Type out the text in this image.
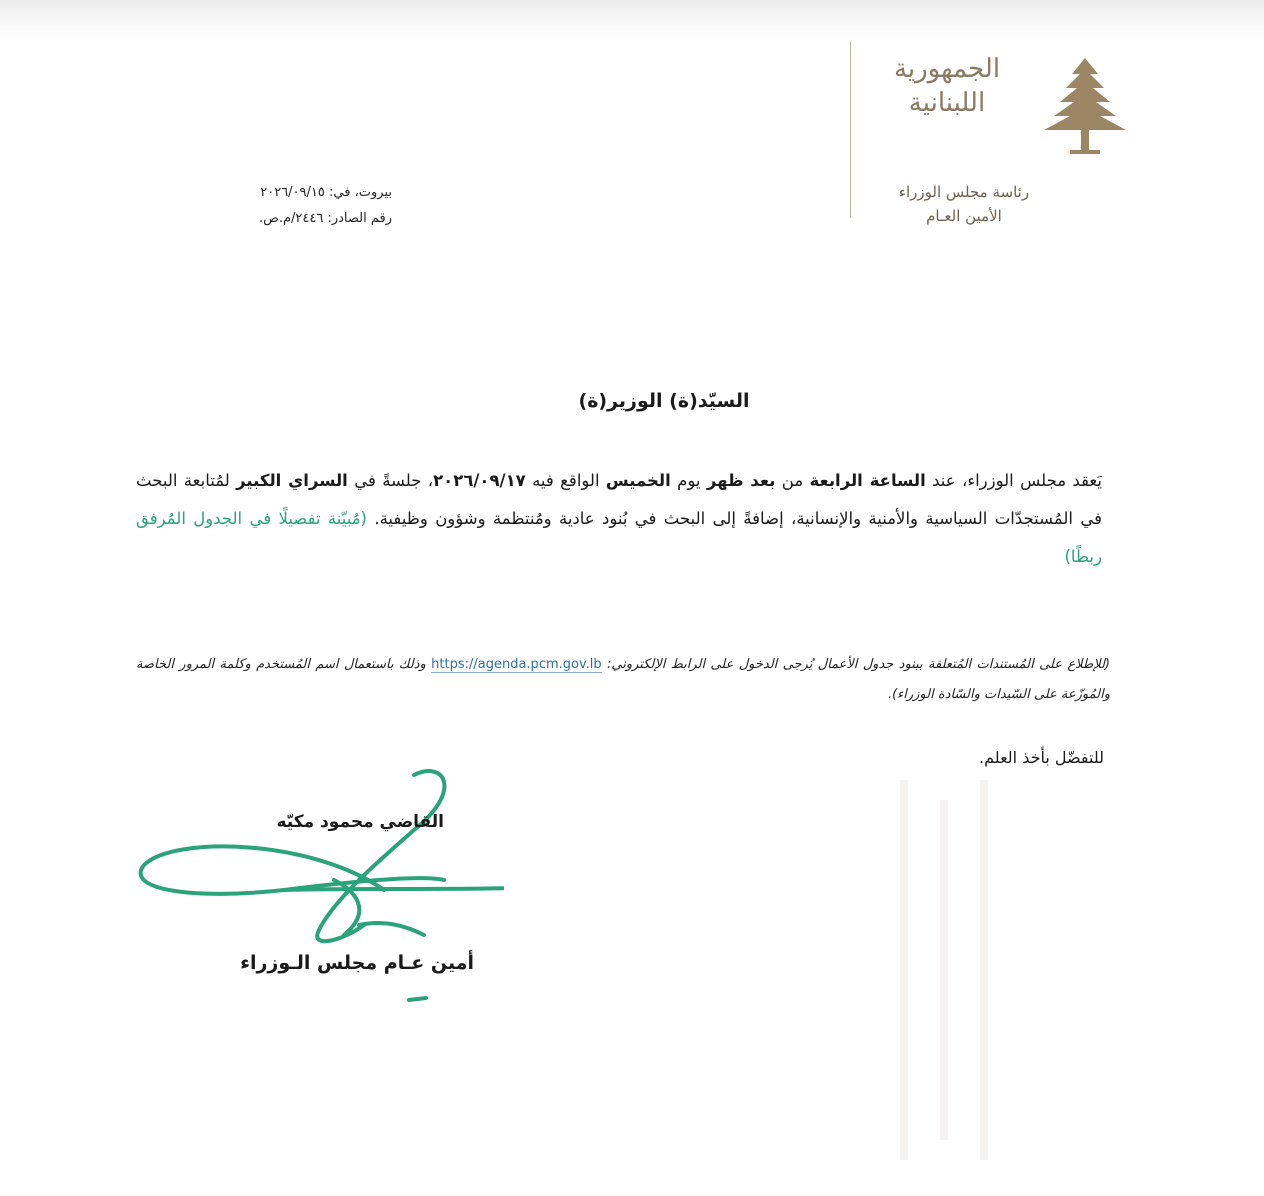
الجمهورية
اللبنانية
رئاسة مجلس الوزراء
الأمين العـام
بيروت، في: ٢٠٢٦/٠٩/١٥
رقم الصادر: ٢٤٤٦/م.ص.
السيّد(ة) الوزير(ة)
يَعقد مجلس الوزراء، عند الساعة الرابعة من بعد ظهر يوم الخميس الواقع فيه ٢٠٢٦/٠٩/١٧، جلسةً في السراي الكبير لمُتابعة البحث في المُستجدّات السياسية والأمنية والإنسانية، إضافةً إلى البحث في بُنود عادية ومُنتظمة وشؤون وظيفية. (مُبيّنة تفصيلًا في الجدول المُرفق ربطًا)
(للإطلاع على المُستندات المُتعلقة ببنود جدول الأعمال يُرجى الدخول على الرابط الإلكتروني: https://agenda.pcm.gov.lb وذلك باستعمال اسم المُستخدم وكلمة المرور الخاصة والمُوزّعة على السّيدات والسّادة الوزراء).
للتفضّل بأخذ العلم.
القاضي محمود مكيّه
أمين عـام مجلس الـوزراء
